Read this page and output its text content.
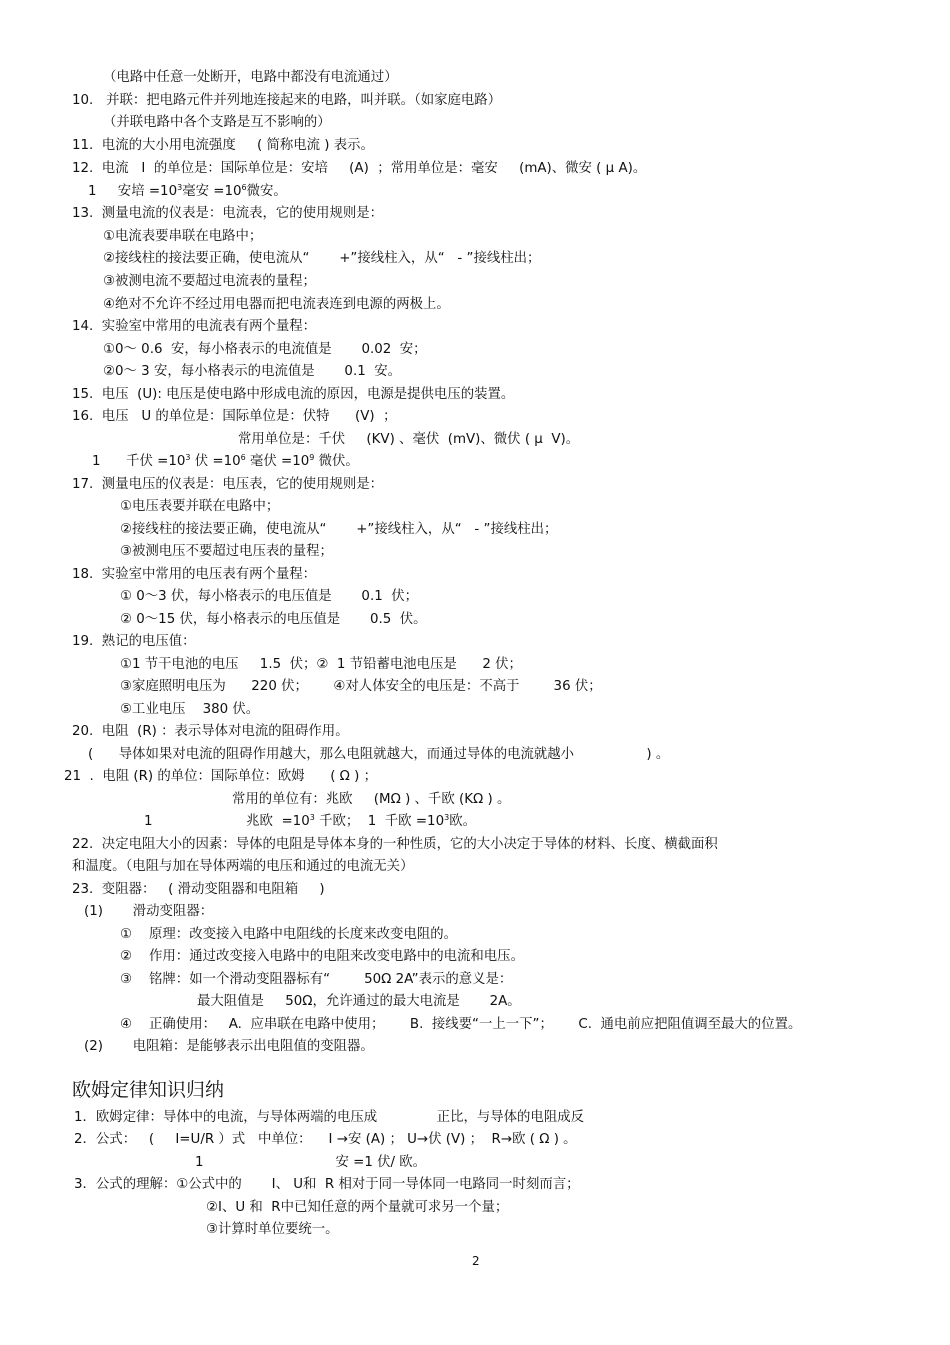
（电路中任意一处断开，电路中都没有电流通过）
10.   并联：把电路元件并列地连接起来的电路，叫并联。（如家庭电路）
（并联电路中各个支路是互不影响的）
11.  电流的大小用电流强度     ( 简称电流 ) 表示。
12.  电流   I  的单位是：国际单位是：安培     (A)  ；常用单位是：毫安     (mA)、微安 ( μ A)。
1     安培 $=10^3$毫安 $=10^6$微安。
13.  测量电流的仪表是：电流表，它的使用规则是：
①电流表要串联在电路中；
②接线柱的接法要正确，使电流从“       +”接线柱入，从“   - ”接线柱出；
③被测电流不要超过电流表的量程；
④绝对不允许不经过用电器而把电流表连到电源的两极上。
14.  实验室中常用的电流表有两个量程：
①0～ 0.6  安，每小格表示的电流值是       0.02  安；
②0～ 3 安，每小格表示的电流值是       0.1  安。
15.  电压  (U): 电压是使电路中形成电流的原因，电源是提供电压的装置。
16.  电压   U 的单位是：国际单位是：伏特      (V)  ；
常用单位是：千伏     (KV) 、毫伏  (mV)、微伏 ( μ  V)。
1      千伏 $=10^3$ 伏 $=10^6$ 毫伏 $=10^9$ 微伏。
17.  测量电压的仪表是：电压表，它的使用规则是：
①电压表要并联在电路中；
②接线柱的接法要正确，使电流从“       +”接线柱入，从“   - ”接线柱出；
③被测电压不要超过电压表的量程；
18.  实验室中常用的电压表有两个量程：
① 0～3 伏，每小格表示的电压值是       0.1  伏；
② 0～15 伏，每小格表示的电压值是       0.5  伏。
19.  熟记的电压值：
①1 节干电池的电压     1.5  伏；②  1 节铅蓄电池电压是      2 伏；
③家庭照明电压为      220 伏；      ④对人体安全的电压是：不高于        36 伏；
⑤工业电压    380 伏。
20.  电阻  (R) ：表示导体对电流的阻碍作用。
(      导体如果对电流的阻碍作用越大，那么电阻就越大，而通过导体的电流就越小                 ) 。
21  .  电阻 (R) 的单位：国际单位：欧姆      ( Ω ) ；
常用的单位有：兆欧     (MΩ ) 、千欧 (KΩ ) 。
1                      兆欧  $=10^3$ 千欧；  1  千欧 $=10^3$欧。
22.  决定电阻大小的因素：导体的电阻是导体本身的一种性质，它的大小决定于导体的材料、长度、横截面积
和温度。（电阻与加在导体两端的电压和通过的电流无关）
23.  变阻器：   ( 滑动变阻器和电阻箱     )
(1)       滑动变阻器：
①    原理：改变接入电路中电阻线的长度来改变电阻的。
②    作用：通过改变接入电路中的电阻来改变电路中的电流和电压。
③    铭牌：如一个滑动变阻器标有“        50Ω 2A”表示的意义是：
最大阻值是     50Ω，允许通过的最大电流是       2A。
④    正确使用：   A.  应串联在电路中使用；      B.  接线要“一上一下”；      C.  通电前应把阻值调至最大的位置。
(2)       电阻箱：是能够表示出电阻值的变阻器。
欧姆定律知识归纳
1．欧姆定律：导体中的电流，与导体两端的电压成              正比，与导体的电阻成反
2．公式：   (     I=U/R ）式   中单位：    I →安 (A) ； U→伏 (V) ；  R→欧 ( Ω ) 。
1                               安 =1 伏/ 欧。
3．公式的理解：①公式中的       I、 U和  R 相对于同一导体同一电路同一时刻而言；
②I、U 和  R中已知任意的两个量就可求另一个量；
③计算时单位要统一。
2
